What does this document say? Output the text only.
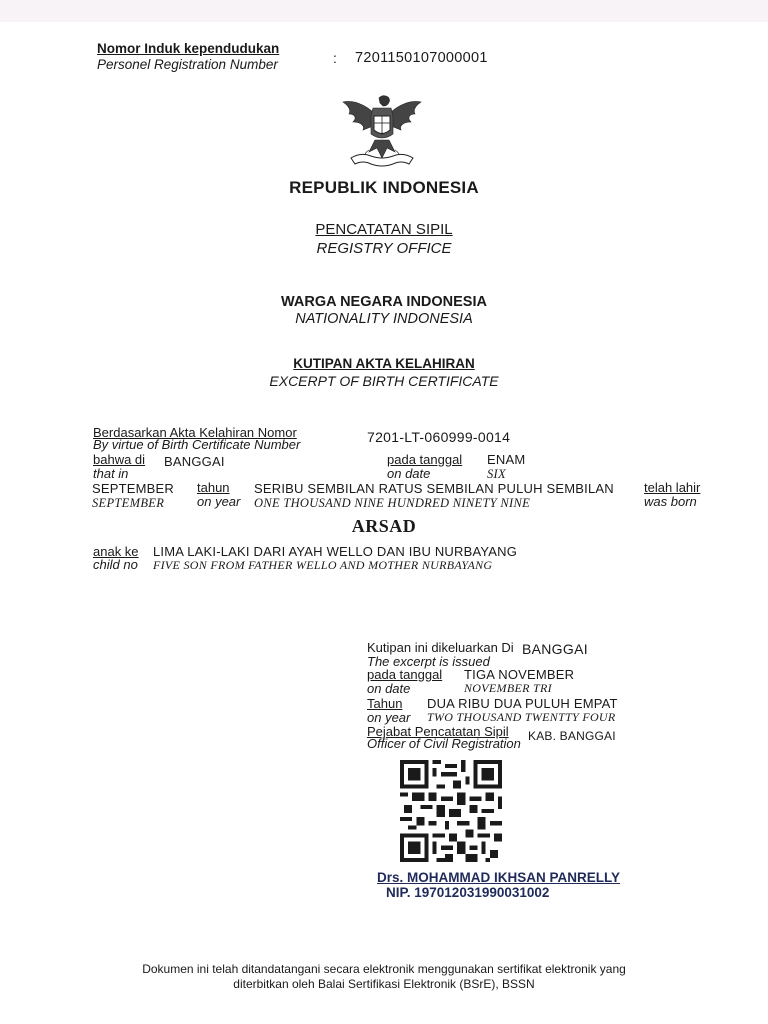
Nomor Induk kependudukan
Personel Registration Number	: 7201150107000001
REPUBLIK INDONESIA
PENCATATAN SIPIL
REGISTRY OFFICE
WARGA NEGARA INDONESIA
NATIONALITY INDONESIA
KUTIPAN AKTA KELAHIRAN
EXCERPT OF BIRTH CERTIFICATE
Berdasarkan Akta Kelahiran Nomor
By virtue of Birth Certificate Number	7201-LT-060999-0014
bahwa di
that in
BANGGAI	pada tanggal
on date
ENAM
SIX
SEPTEMBER
SEPTEMBER
tahun
on year
SERIBU SEMBILAN RATUS SEMBILAN PULUH SEMBILAN
ONE THOUSAND NINE HUNDRED NINETY NINE
telah lahir
was born
ARSAD
anak ke
child no
LIMA LAKI-LAKI DARI AYAH WELLO DAN IBU NURBAYANG
FIVE SON FROM FATHER WELLO AND MOTHER NURBAYANG
Kutipan ini dikeluarkan Di
The excerpt is issued
BANGGAI
pada tanggal
on date
TIGA NOVEMBER
NOVEMBER TRI
Tahun
on year
DUA RIBU DUA PULUH EMPAT
TWO THOUSAND TWENTTY FOUR
Pejabat Pencatatan Sipil
Officer of Civil Registration KAB. BANGGAI
Drs. MOHAMMAD IKHSAN PANRELLY
NIP. 197012031990031002
Dokumen ini telah ditandatangani secara elektronik menggunakan sertifikat elektronik yang
diterbitkan oleh Balai Sertifikasi Elektronik (BSrE), BSSN
